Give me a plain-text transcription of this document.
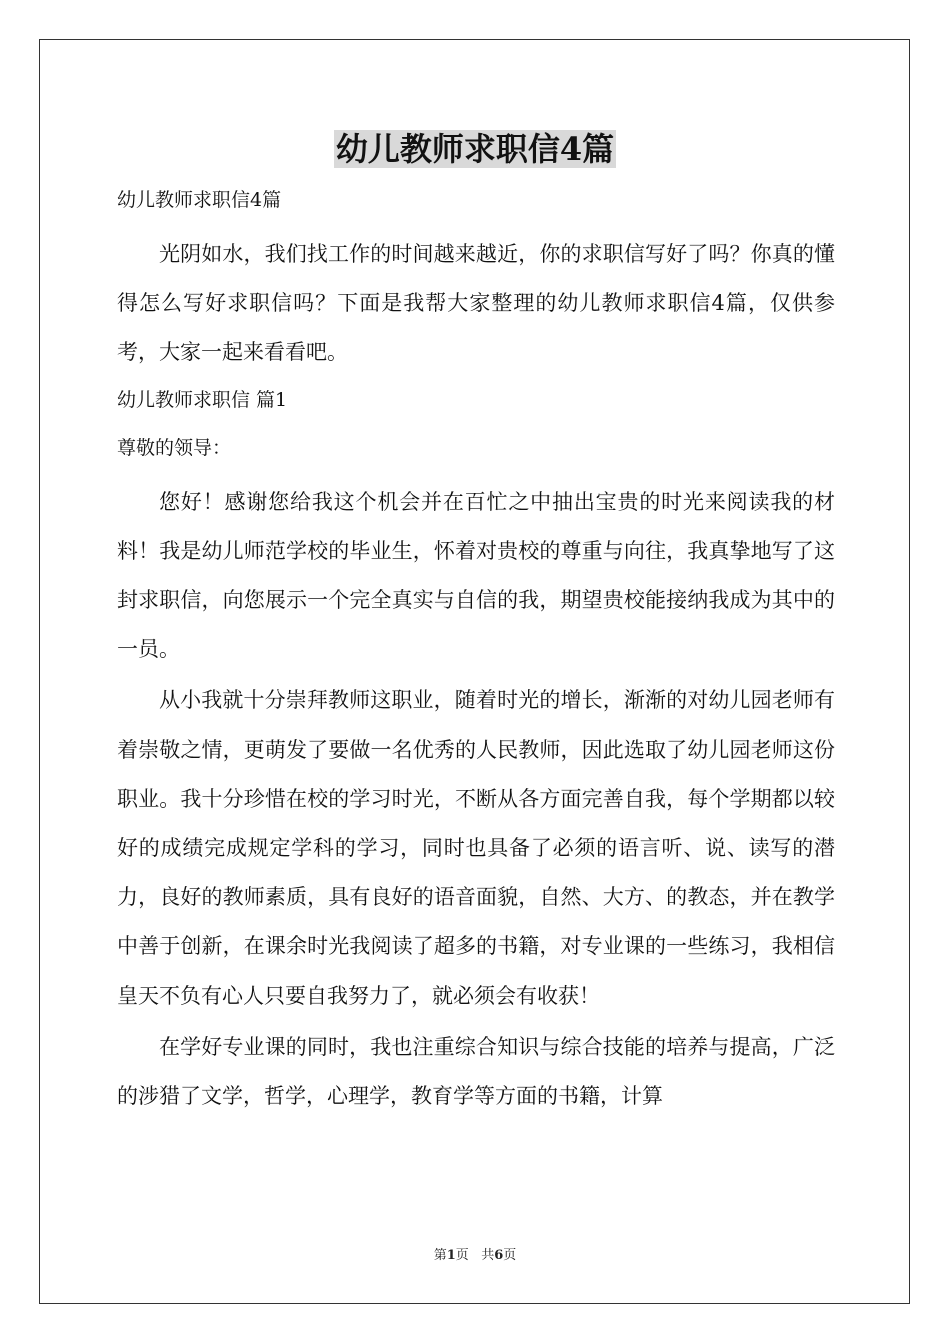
幼儿教师求职信4篇

幼儿教师求职信4篇

光阴如水，我们找工作的时间越来越近，你的求职信写好了吗？你真的懂得怎么写好求职信吗？下面是我帮大家整理的幼儿教师求职信4篇，仅供参考，大家一起来看看吧。

幼儿教师求职信 篇1

尊敬的领导：

您好！感谢您给我这个机会并在百忙之中抽出宝贵的时光来阅读我的材料！我是幼儿师范学校的毕业生，怀着对贵校的尊重与向往，我真挚地写了这封求职信，向您展示一个完全真实与自信的我，期望贵校能接纳我成为其中的一员。

从小我就十分崇拜教师这职业，随着时光的增长，渐渐的对幼儿园老师有着崇敬之情，更萌发了要做一名优秀的人民教师，因此选取了幼儿园老师这份职业。我十分珍惜在校的学习时光，不断从各方面完善自我，每个学期都以较好的成绩完成规定学科的学习，同时也具备了必须的语言听、说、读写的潜力，良好的教师素质，具有良好的语音面貌，自然、大方、的教态，并在教学中善于创新，在课余时光我阅读了超多的书籍，对专业课的一些练习，我相信皇天不负有心人只要自我努力了，就必须会有收获！

在学好专业课的同时，我也注重综合知识与综合技能的培养与提高，广泛的涉猎了文学，哲学，心理学，教育学等方面的书籍，计算

第1页 共6页
